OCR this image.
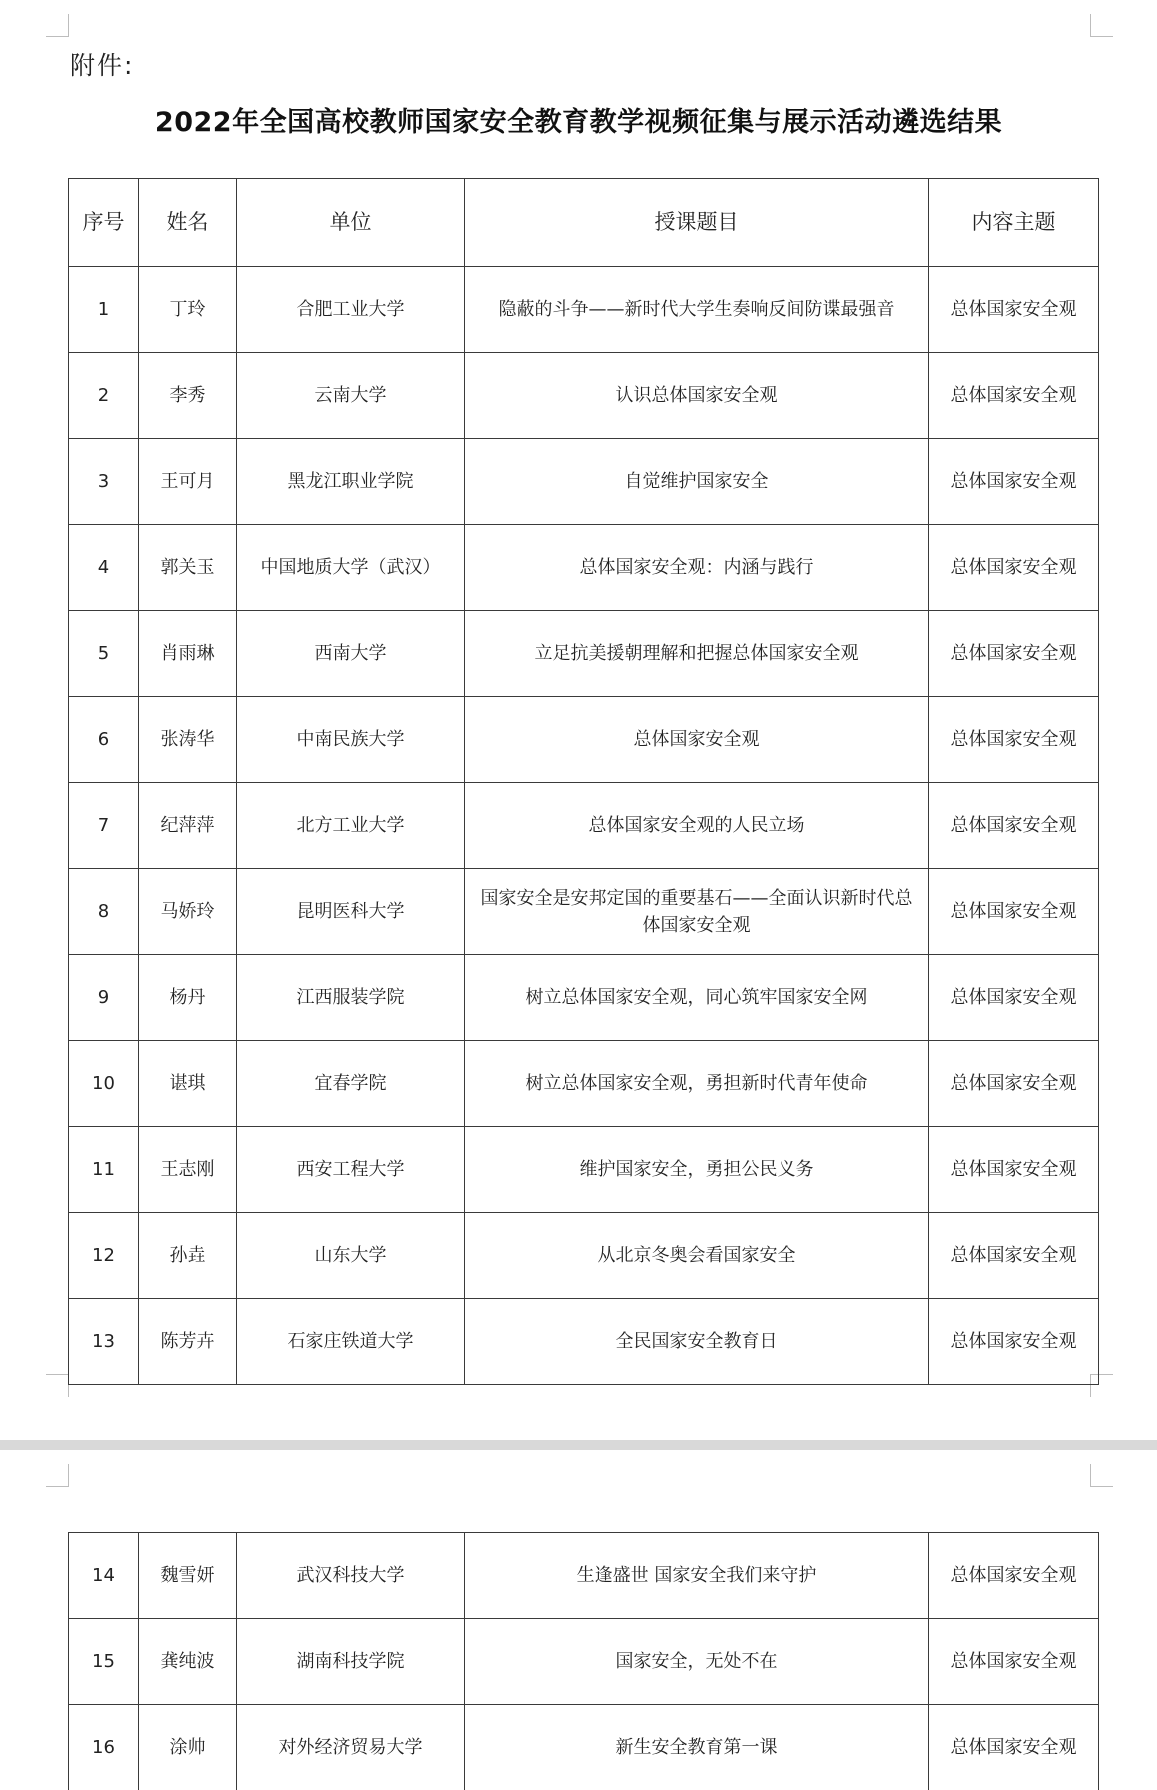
附件:
2022年全国高校教师国家安全教育教学视频征集与展示活动遴选结果
序号	姓名	单位	授课题目	内容主题
1	丁玲	合肥工业大学	隐蔽的斗争——新时代大学生奏响反间防谍最强音	总体国家安全观
2	李秀	云南大学	认识总体国家安全观	总体国家安全观
3	王可月	黑龙江职业学院	自觉维护国家安全	总体国家安全观
4	郭关玉	中国地质大学（武汉）	总体国家安全观：内涵与践行	总体国家安全观
5	肖雨琳	西南大学	立足抗美援朝理解和把握总体国家安全观	总体国家安全观
6	张涛华	中南民族大学	总体国家安全观	总体国家安全观
7	纪萍萍	北方工业大学	总体国家安全观的人民立场	总体国家安全观
8	马娇玲	昆明医科大学	国家安全是安邦定国的重要基石——全面认识新时代总体国家安全观	总体国家安全观
9	杨丹	江西服装学院	树立总体国家安全观，同心筑牢国家安全网	总体国家安全观
10	谌琪	宜春学院	树立总体国家安全观，勇担新时代青年使命	总体国家安全观
11	王志刚	西安工程大学	维护国家安全，勇担公民义务	总体国家安全观
12	孙垚	山东大学	从北京冬奥会看国家安全	总体国家安全观
13	陈芳卉	石家庄铁道大学	全民国家安全教育日	总体国家安全观
14	魏雪妍	武汉科技大学	生逢盛世 国家安全我们来守护	总体国家安全观
15	龚纯波	湖南科技学院	国家安全，无处不在	总体国家安全观
16	涂帅	对外经济贸易大学	新生安全教育第一课	总体国家安全观
